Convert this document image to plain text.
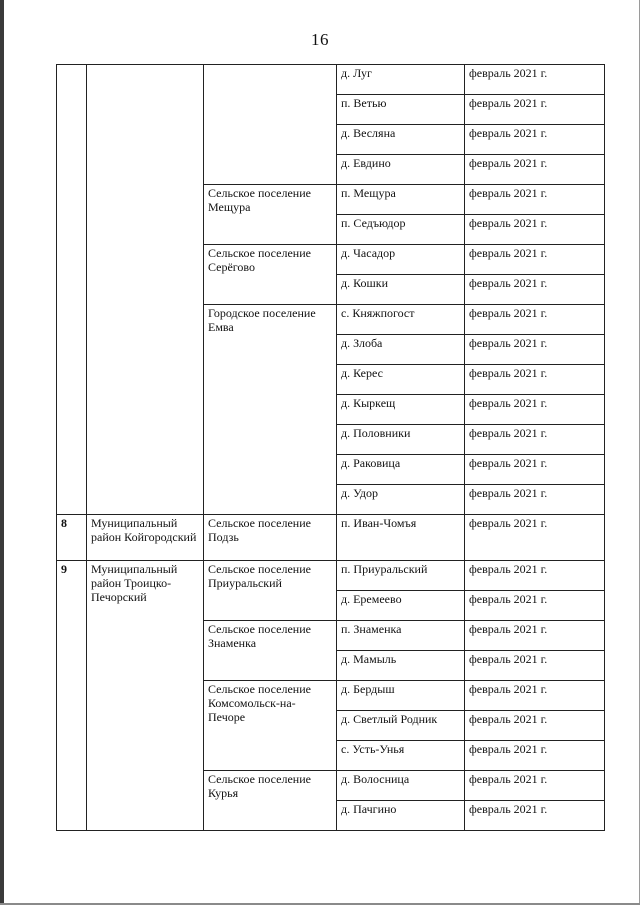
16
			д. Луг	февраль 2021 г.
			п. Ветью	февраль 2021 г.
			д. Весляна	февраль 2021 г.
			д. Евдино	февраль 2021 г.
		Сельское поселение Мещура	п. Мещура	февраль 2021 г.
			п. Седъюдор	февраль 2021 г.
		Сельское поселение Серёгово	д. Часадор	февраль 2021 г.
			д. Кошки	февраль 2021 г.
		Городское поселение Емва	с. Княжпогост	февраль 2021 г.
			д. Злоба	февраль 2021 г.
			д. Керес	февраль 2021 г.
			д. Кыркещ	февраль 2021 г.
			д. Половники	февраль 2021 г.
			д. Раковица	февраль 2021 г.
			д. Удор	февраль 2021 г.
8	Муниципальный район Койгородский	Сельское поселение Подзь	п. Иван-Чомъя	февраль 2021 г.
9	Муниципальный район Троицко-Печорский	Сельское поселение Приуральский	п. Приуральский	февраль 2021 г.
			д. Еремеево	февраль 2021 г.
		Сельское поселение Знаменка	п. Знаменка	февраль 2021 г.
			д. Мамыль	февраль 2021 г.
		Сельское поселение Комсомольск-на-Печоре	д. Бердыш	февраль 2021 г.
			д. Светлый Родник	февраль 2021 г.
			с. Усть-Унья	февраль 2021 г.
		Сельское поселение Курья	д. Волосница	февраль 2021 г.
			д. Пачгино	февраль 2021 г.
